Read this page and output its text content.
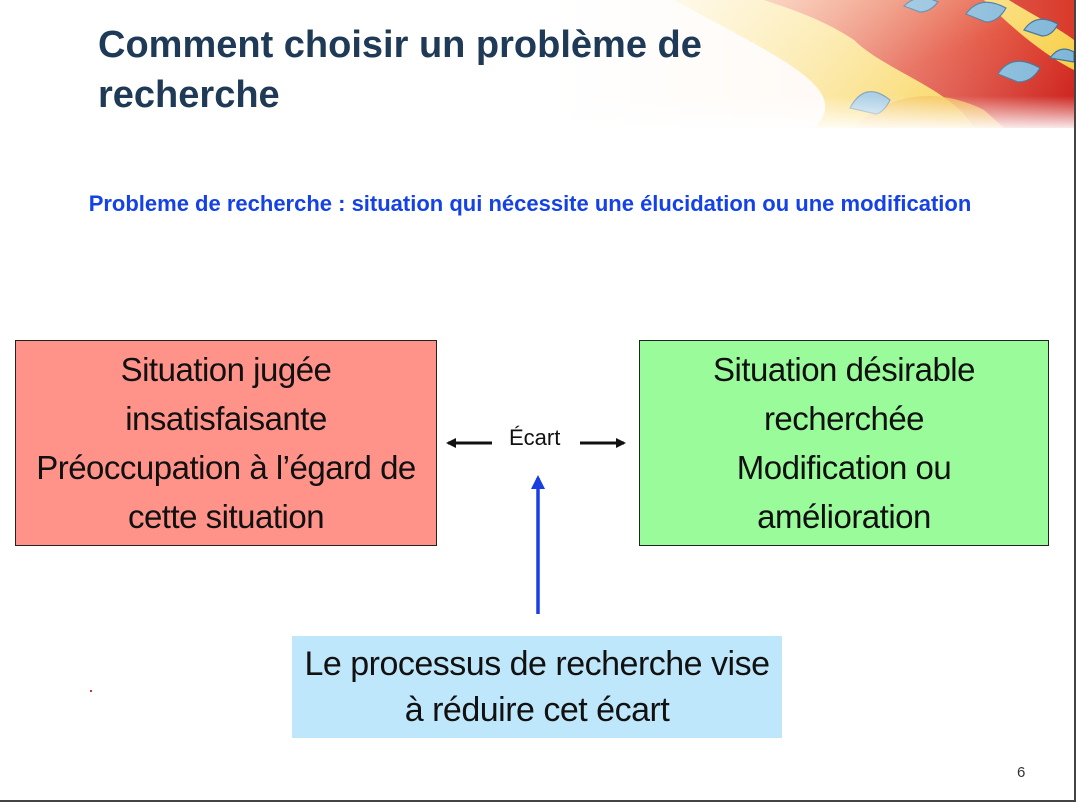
Comment choisir un problème de recherche
Probleme de recherche : situation qui nécessite une élucidation ou une modification
Situation jugée
insatisfaisante
Préoccupation à l’égard de
cette situation
Situation désirable
recherchée
Modification ou
amélioration
Écart
Le processus de recherche vise
à réduire cet écart
6
